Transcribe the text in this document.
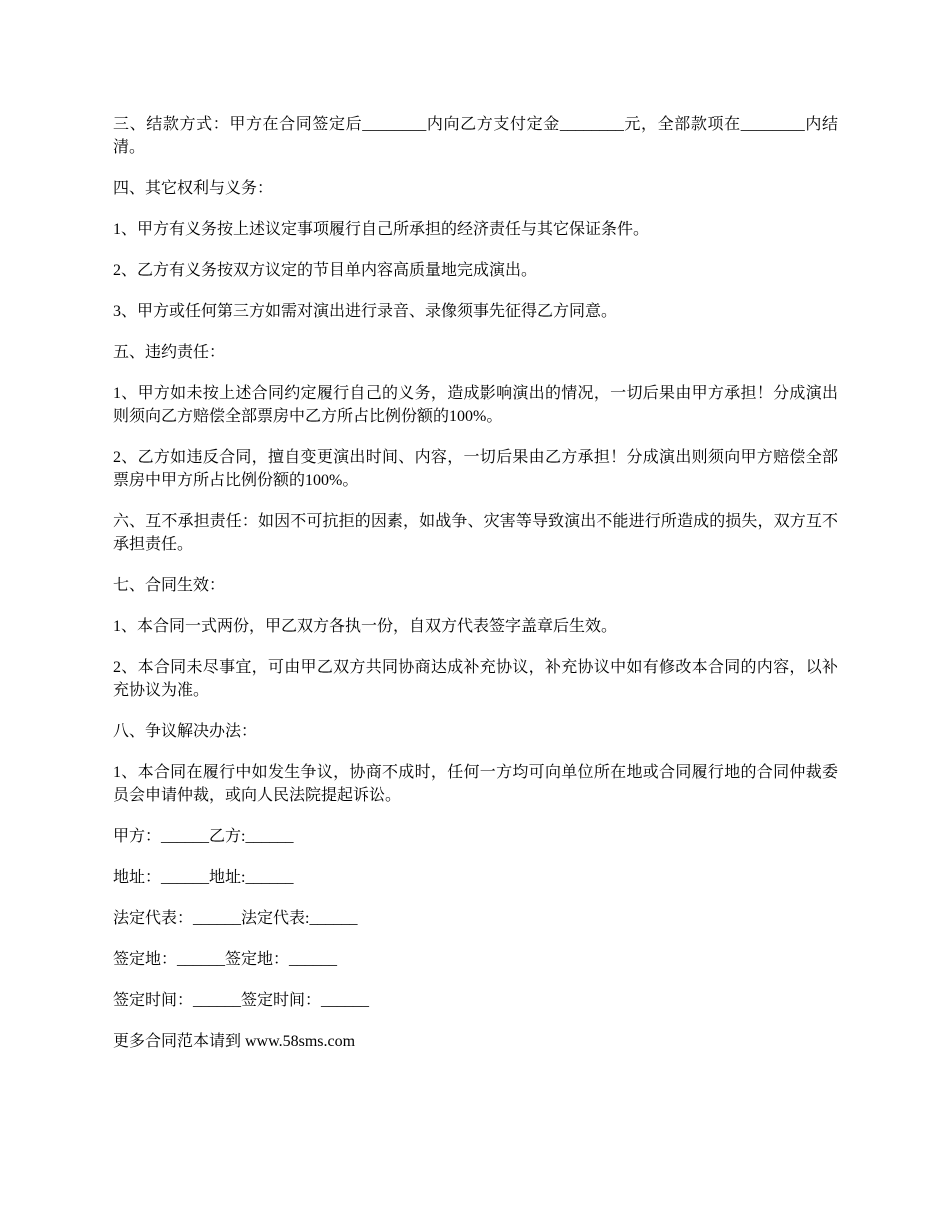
三、结款方式：甲方在合同签定后________内向乙方支付定金________元，全部款项在________内结清。

四、其它权利与义务：

1、甲方有义务按上述议定事项履行自己所承担的经济责任与其它保证条件。

2、乙方有义务按双方议定的节目单内容高质量地完成演出。

3、甲方或任何第三方如需对演出进行录音、录像须事先征得乙方同意。

五、违约责任：

1、甲方如未按上述合同约定履行自己的义务，造成影响演出的情况，一切后果由甲方承担！分成演出则须向乙方赔偿全部票房中乙方所占比例份额的100%。

2、乙方如违反合同，擅自变更演出时间、内容，一切后果由乙方承担！分成演出则须向甲方赔偿全部票房中甲方所占比例份额的100%。

六、互不承担责任：如因不可抗拒的因素，如战争、灾害等导致演出不能进行所造成的损失，双方互不承担责任。

七、合同生效：

1、本合同一式两份，甲乙双方各执一份，自双方代表签字盖章后生效。

2、本合同未尽事宜，可由甲乙双方共同协商达成补充协议，补充协议中如有修改本合同的内容，以补充协议为准。

八、争议解决办法：

1、本合同在履行中如发生争议，协商不成时，任何一方均可向单位所在地或合同履行地的合同仲裁委员会申请仲裁，或向人民法院提起诉讼。

甲方：______乙方:______

地址：______地址:______

法定代表：______法定代表:______

签定地：______签定地：______

签定时间：______签定时间：______

更多合同范本请到 www.58sms.com
